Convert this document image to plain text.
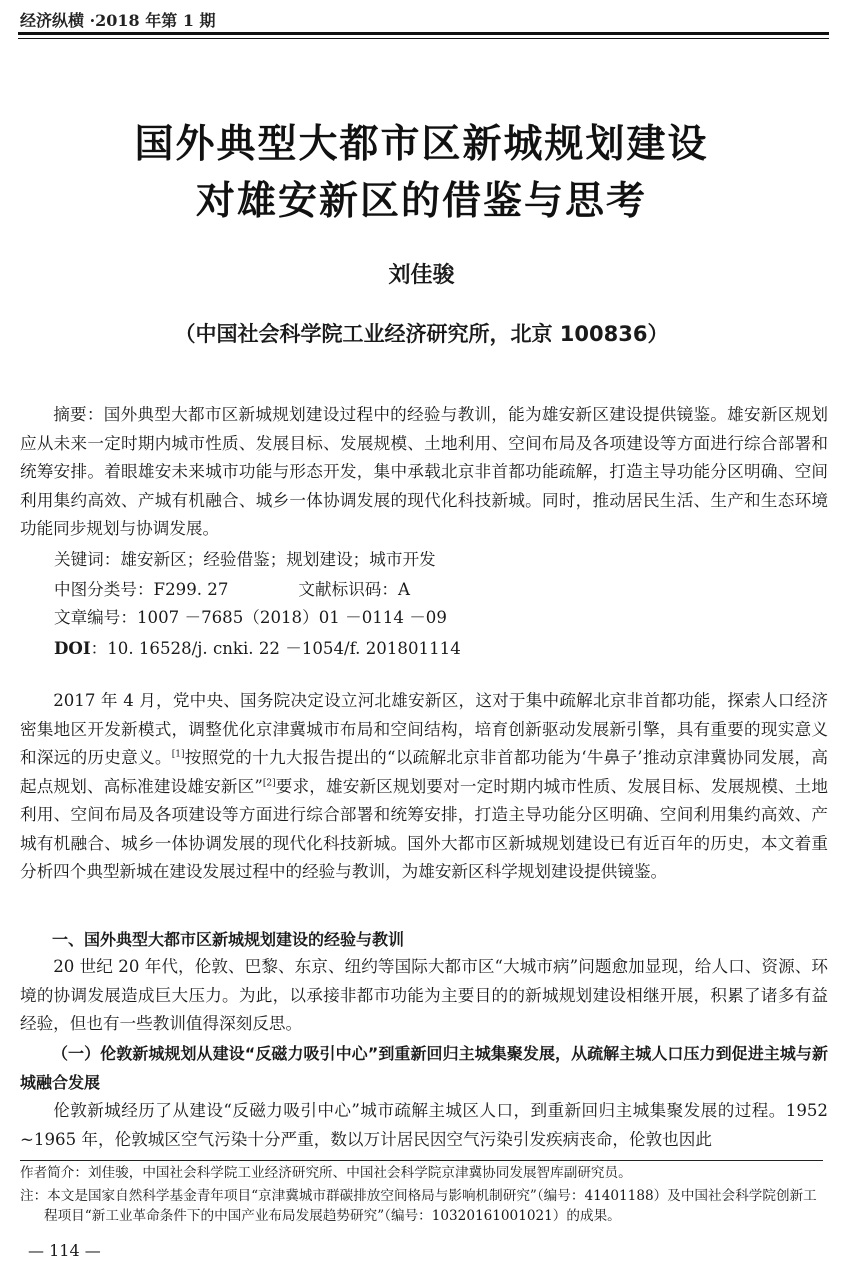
经济纵横 ·2018 年第 1 期
国外典型大都市区新城规划建设
对雄安新区的借鉴与思考
刘佳骏
（中国社会科学院工业经济研究所，北京 100836）

摘要：国外典型大都市区新城规划建设过程中的经验与教训，能为雄安新区建设提供镜鉴。雄安新区规划应从未来一定时期内城市性质、发展目标、发展规模、土地利用、空间布局及各项建设等方面进行综合部署和统筹安排。着眼雄安未来城市功能与形态开发，集中承载北京非首都功能疏解，打造主导功能分区明确、空间利用集约高效、产城有机融合、城乡一体协调发展的现代化科技新城。同时，推动居民生活、生产和生态环境功能同步规划与协调发展。

关键词：雄安新区；经验借鉴；规划建设；城市开发
中图分类号：F299. 27	文献标识码：A
文章编号：1007 －7685（2018）01 －0114 －09
DOI：10. 16528/j. cnki. 22 －1054/f. 201801114

2017 年 4 月，党中央、国务院决定设立河北雄安新区，这对于集中疏解北京非首都功能，探索人口经济密集地区开发新模式，调整优化京津冀城市布局和空间结构，培育创新驱动发展新引擎，具有重要的现实意义和深远的历史意义。[1]按照党的十九大报告提出的“以疏解北京非首都功能为‘牛鼻子’推动京津冀协同发展，高起点规划、高标准建设雄安新区”[2]要求，雄安新区规划要对一定时期内城市性质、发展目标、发展规模、土地利用、空间布局及各项建设等方面进行综合部署和统筹安排，打造主导功能分区明确、空间利用集约高效、产城有机融合、城乡一体协调发展的现代化科技新城。国外大都市区新城规划建设已有近百年的历史，本文着重分析四个典型新城在建设发展过程中的经验与教训，为雄安新区科学规划建设提供镜鉴。

一、国外典型大都市区新城规划建设的经验与教训

20 世纪 20 年代，伦敦、巴黎、东京、纽约等国际大都市区“大城市病”问题愈加显现，给人口、资源、环境的协调发展造成巨大压力。为此，以承接非都市功能为主要目的的新城规划建设相继开展，积累了诸多有益经验，但也有一些教训值得深刻反思。

（一）伦敦新城规划从建设“反磁力吸引中心”到重新回归主城集聚发展，从疏解主城人口压力到促进主城与新城融合发展

伦敦新城经历了从建设“反磁力吸引中心”城市疏解主城区人口，到重新回归主城集聚发展的过程。1952 ~1965 年，伦敦城区空气污染十分严重，数以万计居民因空气污染引发疾病丧命，伦敦也因此

作者简介：刘佳骏，中国社会科学院工业经济研究所、中国社会科学院京津冀协同发展智库副研究员。

注：本文是国家自然科学基金青年项目“京津冀城市群碳排放空间格局与影响机制研究”（编号：41401188）及中国社会科学院创新工程项目“新工业革命条件下的中国产业布局发展趋势研究”（编号：10320161001021）的成果。

— 114 —
